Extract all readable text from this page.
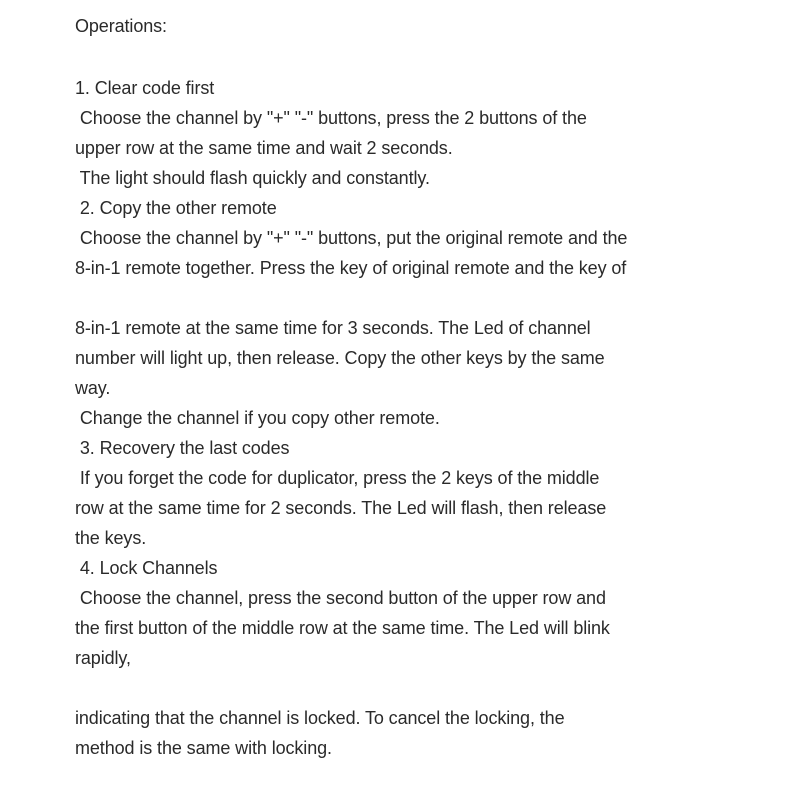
Operations:
1. Clear code first
Choose the channel by "+" "-" buttons, press the 2 buttons of the
upper row at the same time and wait 2 seconds.
The light should flash quickly and constantly.
2. Copy the other remote
Choose the channel by "+" "-" buttons, put the original remote and the
8-in-1 remote together. Press the key of original remote and the key of
8-in-1 remote at the same time for 3 seconds. The Led of channel
number will light up, then release. Copy the other keys by the same
way.
Change the channel if you copy other remote.
3. Recovery the last codes
If you forget the code for duplicator, press the 2 keys of the middle
row at the same time for 2 seconds. The Led will flash, then release
the keys.
4. Lock Channels
Choose the channel, press the second button of the upper row and
the first button of the middle row at the same time. The Led will blink
rapidly,
indicating that the channel is locked. To cancel the locking, the
method is the same with locking.
